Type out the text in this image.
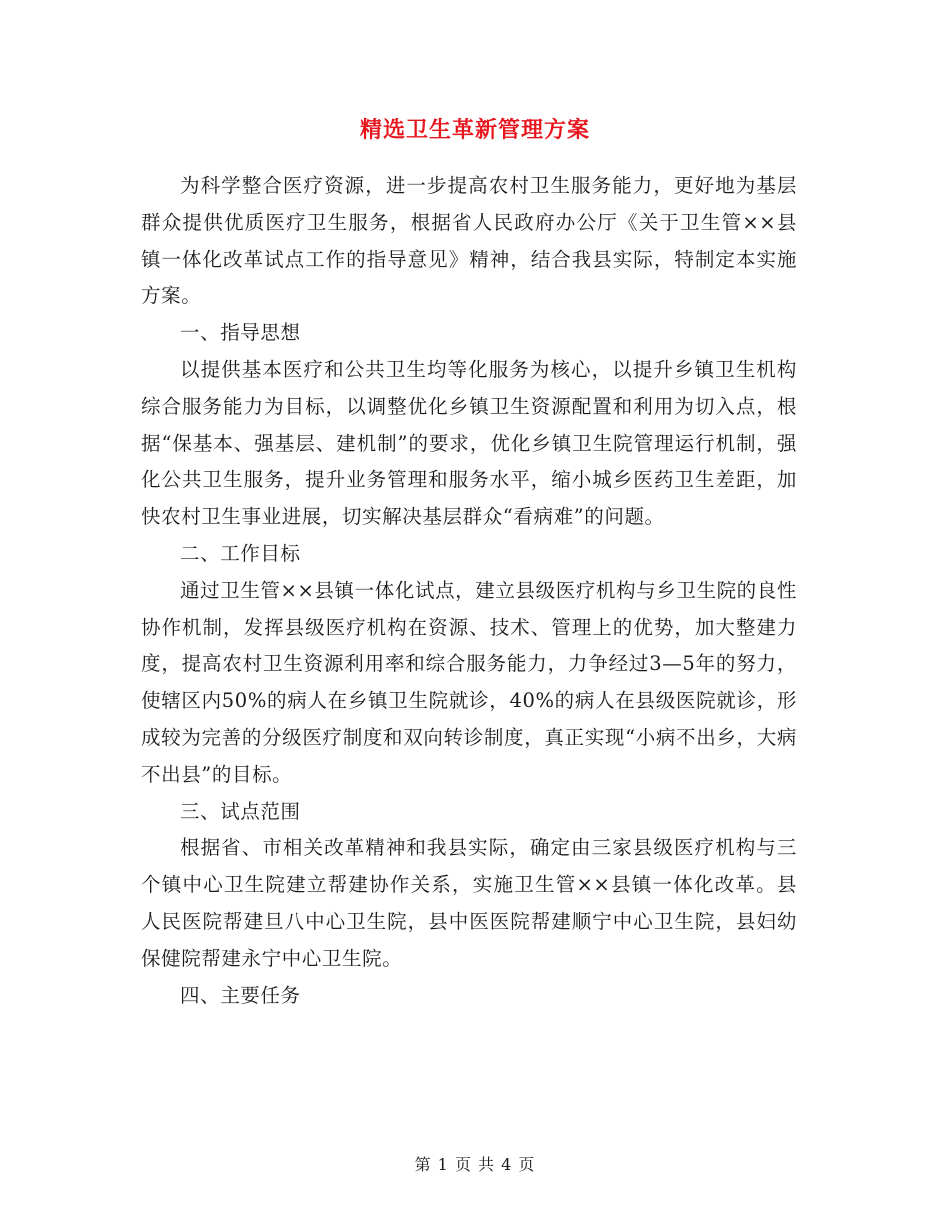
精选卫生革新管理方案

为科学整合医疗资源，进一步提高农村卫生服务能力，更好地为基层群众提供优质医疗卫生服务，根据省人民政府办公厅《关于卫生管××县镇一体化改革试点工作的指导意见》精神，结合我县实际，特制定本实施方案。

一、指导思想

以提供基本医疗和公共卫生均等化服务为核心，以提升乡镇卫生机构综合服务能力为目标，以调整优化乡镇卫生资源配置和利用为切入点，根据“保基本、强基层、建机制”的要求，优化乡镇卫生院管理运行机制，强化公共卫生服务，提升业务管理和服务水平，缩小城乡医药卫生差距，加快农村卫生事业进展，切实解决基层群众“看病难”的问题。

二、工作目标

通过卫生管××县镇一体化试点，建立县级医疗机构与乡卫生院的良性协作机制，发挥县级医疗机构在资源、技术、管理上的优势，加大整建力度，提高农村卫生资源利用率和综合服务能力，力争经过3—5年的努力，使辖区内50%的病人在乡镇卫生院就诊，40%的病人在县级医院就诊，形成较为完善的分级医疗制度和双向转诊制度，真正实现“小病不出乡，大病不出县”的目标。

三、试点范围

根据省、市相关改革精神和我县实际，确定由三家县级医疗机构与三个镇中心卫生院建立帮建协作关系，实施卫生管××县镇一体化改革。县人民医院帮建旦八中心卫生院，县中医医院帮建顺宁中心卫生院，县妇幼保健院帮建永宁中心卫生院。

四、主要任务

第 1 页 共 4 页
